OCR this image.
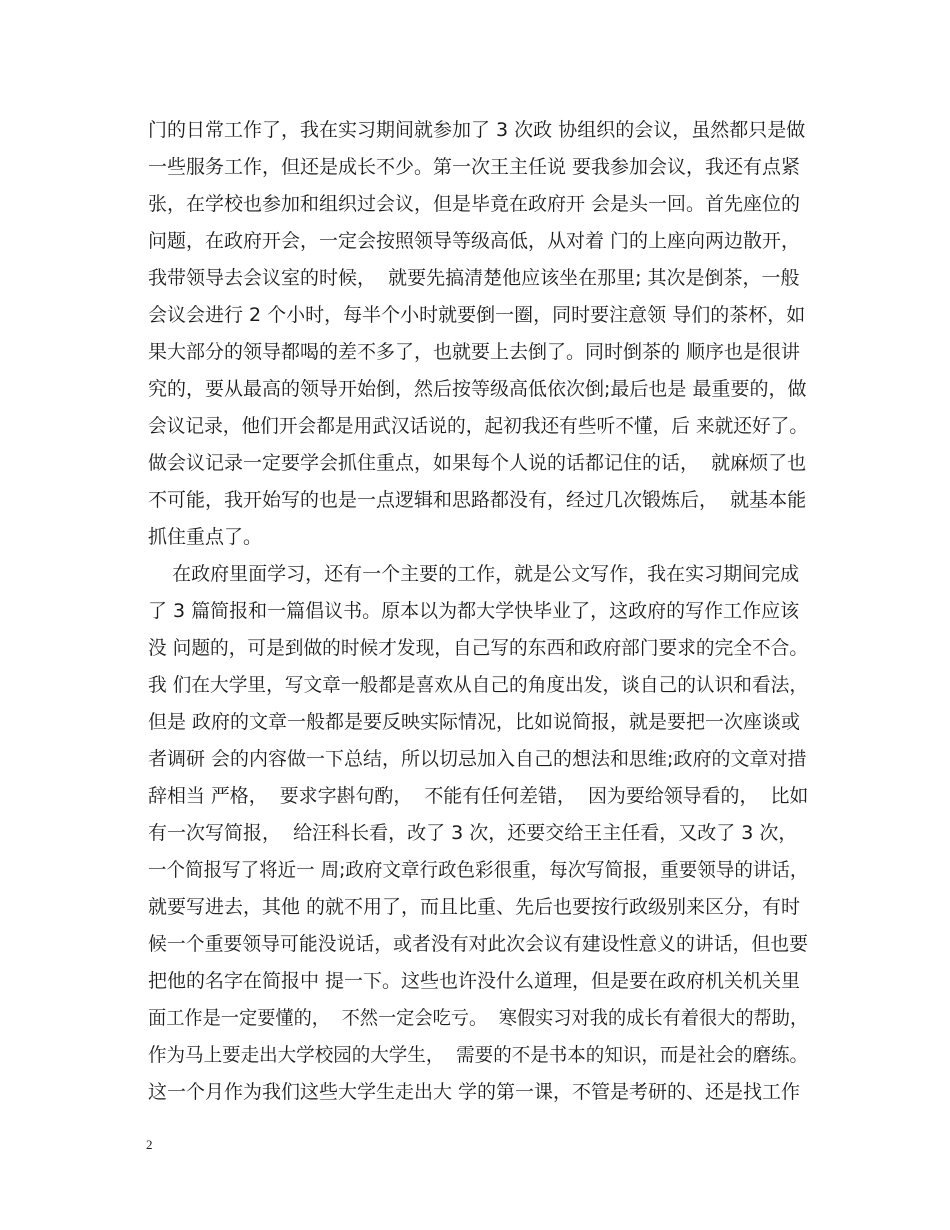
门的日常工作了，我在实习期间就参加了 3 次政 协组织的会议，虽然都只是做
一些服务工作，但还是成长不少。第一次王主任说 要我参加会议，我还有点紧
张，在学校也参加和组织过会议，但是毕竟在政府开 会是头一回。首先座位的
问题，在政府开会，一定会按照领导等级高低，从对着 门的上座向两边散开，
我带领导去会议室的时候，  就要先搞清楚他应该坐在那里; 其次是倒茶，一般
会议会进行 2 个小时，每半个小时就要倒一圈，同时要注意领 导们的茶杯，如
果大部分的领导都喝的差不多了，也就要上去倒了。同时倒茶的 顺序也是很讲
究的，要从最高的领导开始倒，然后按等级高低依次倒;最后也是 最重要的，做
会议记录，他们开会都是用武汉话说的，起初我还有些听不懂，后 来就还好了。
做会议记录一定要学会抓住重点，如果每个人说的话都记住的话，  就麻烦了也
不可能，我开始写的也是一点逻辑和思路都没有，经过几次锻炼后，  就基本能
抓住重点了。
在政府里面学习，还有一个主要的工作，就是公文写作，我在实习期间完成
了 3 篇简报和一篇倡议书。原本以为都大学快毕业了，这政府的写作工作应该
没 问题的，可是到做的时候才发现，自己写的东西和政府部门要求的完全不合。
我 们在大学里，写文章一般都是喜欢从自己的角度出发，谈自己的认识和看法，
但是 政府的文章一般都是要反映实际情况，比如说简报，就是要把一次座谈或
者调研 会的内容做一下总结，所以切忌加入自己的想法和思维;政府的文章对措
辞相当 严格，  要求字斟句酌，  不能有任何差错，  因为要给领导看的，  比如
有一次写简报，  给汪科长看，改了 3 次，还要交给王主任看，又改了 3 次，
一个简报写了将近一 周;政府文章行政色彩很重，每次写简报，重要领导的讲话，
就要写进去，其他 的就不用了，而且比重、先后也要按行政级别来区分，有时
候一个重要领导可能没说话，或者没有对此次会议有建设性意义的讲话，但也要
把他的名字在简报中 提一下。这些也许没什么道理，但是要在政府机关机关里
面工作是一定要懂的，  不然一定会吃亏。  寒假实习对我的成长有着很大的帮助，
作为马上要走出大学校园的大学生，  需要的不是书本的知识，而是社会的磨练。
这一个月作为我们这些大学生走出大 学的第一课，不管是考研的、还是找工作
2
